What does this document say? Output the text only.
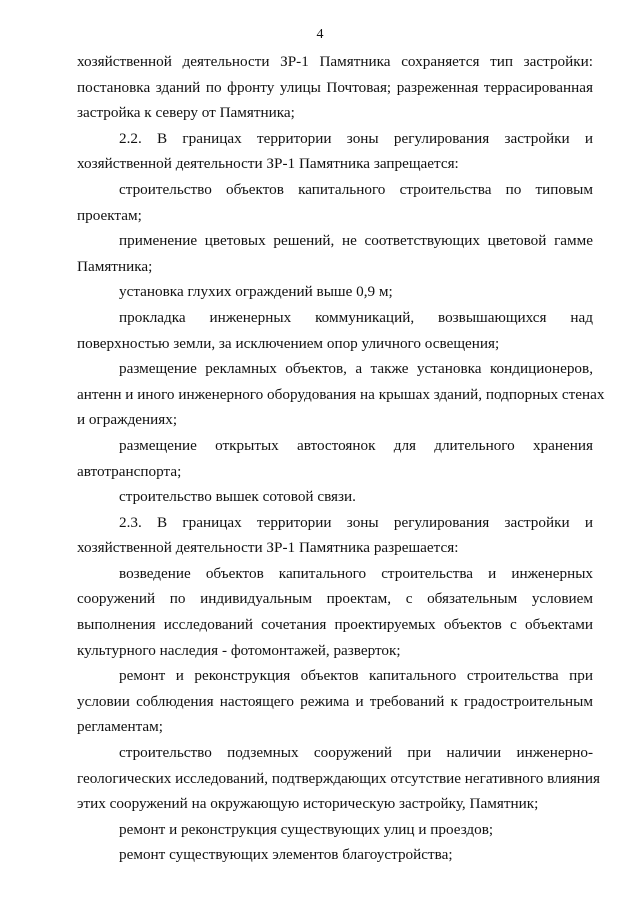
4
хозяйственной деятельности ЗР-1 Памятника сохраняется тип застройки:
постановка зданий по фронту улицы Почтовая; разреженная террасированная
застройка к северу от Памятника;
2.2. В границах территории зоны регулирования застройки и
хозяйственной деятельности ЗР-1 Памятника запрещается:
строительство объектов капитального строительства по типовым
проектам;
применение цветовых решений, не соответствующих цветовой гамме
Памятника;
установка глухих ограждений выше 0,9 м;
прокладка инженерных коммуникаций, возвышающихся над
поверхностью земли, за исключением опор уличного освещения;
размещение рекламных объектов, а также установка кондиционеров,
антенн и иного инженерного оборудования на крышах зданий, подпорных стенах
и ограждениях;
размещение открытых автостоянок для длительного хранения
автотранспорта;
строительство вышек сотовой связи.
2.3. В границах территории зоны регулирования застройки и
хозяйственной деятельности ЗР-1 Памятника разрешается:
возведение объектов капитального строительства и инженерных
сооружений по индивидуальным проектам, с обязательным условием
выполнения исследований сочетания проектируемых объектов с объектами
культурного наследия - фотомонтажей, разверток;
ремонт и реконструкция объектов капитального строительства при
условии соблюдения настоящего режима и требований к градостроительным
регламентам;
строительство подземных сооружений при наличии инженерно-
геологических исследований, подтверждающих отсутствие негативного влияния
этих сооружений на окружающую историческую застройку, Памятник;
ремонт и реконструкция существующих улиц и проездов;
ремонт существующих элементов благоустройства;
